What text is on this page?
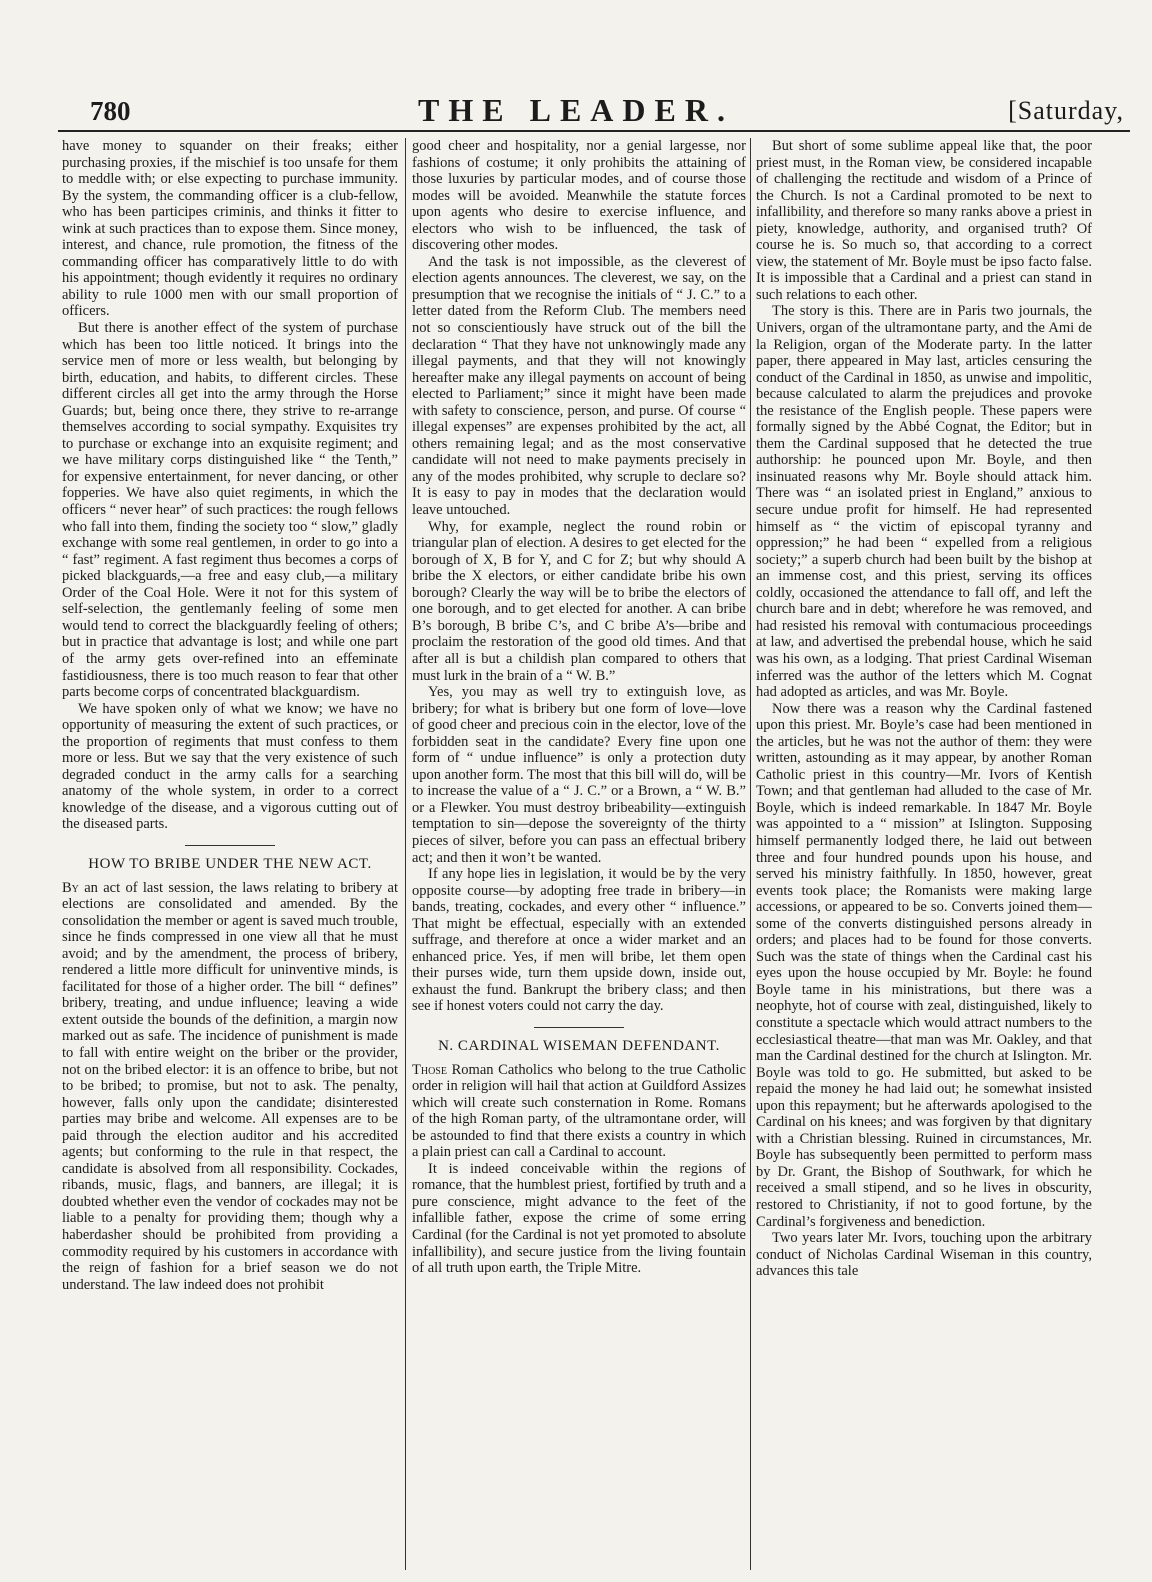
780	THE LEADER.	[Saturday,

have money to squander on their freaks; either purchasing proxies, if the mischief is too unsafe for them to meddle with; or else expecting to purchase immunity. By the system, the commanding officer is a club-fellow, who has been participes criminis, and thinks it fitter to wink at such practices than to expose them. Since money, interest, and chance, rule promotion, the fitness of the commanding officer has comparatively little to do with his appointment; though evidently it requires no ordinary ability to rule 1000 men with our small proportion of officers.

But there is another effect of the system of purchase which has been too little noticed. It brings into the service men of more or less wealth, but belonging by birth, education, and habits, to different circles. These different circles all get into the army through the Horse Guards; but, being once there, they strive to re-arrange themselves according to social sympathy. Exquisites try to purchase or exchange into an exquisite regiment; and we have military corps distinguished like “ the Tenth,” for expensive entertainment, for never dancing, or other fopperies. We have also quiet regiments, in which the officers “ never hear” of such practices: the rough fellows who fall into them, finding the society too “ slow,” gladly exchange with some real gentlemen, in order to go into a “ fast” regiment. A fast regiment thus becomes a corps of picked blackguards,—a free and easy club,—a military Order of the Coal Hole. Were it not for this system of self-selection, the gentlemanly feeling of some men would tend to correct the blackguardly feeling of others; but in practice that advantage is lost; and while one part of the army gets over-refined into an effeminate fastidiousness, there is too much reason to fear that other parts become corps of concentrated blackguardism.

We have spoken only of what we know; we have no opportunity of measuring the extent of such practices, or the proportion of regiments that must confess to them more or less. But we say that the very existence of such degraded conduct in the army calls for a searching anatomy of the whole system, in order to a correct knowledge of the disease, and a vigorous cutting out of the diseased parts.

HOW TO BRIBE UNDER THE NEW ACT.

By an act of last session, the laws relating to bribery at elections are consolidated and amended. By the consolidation the member or agent is saved much trouble, since he finds compressed in one view all that he must avoid; and by the amendment, the process of bribery, rendered a little more difficult for uninventive minds, is facilitated for those of a higher order. The bill “ defines” bribery, treating, and undue influence; leaving a wide extent outside the bounds of the definition, a margin now marked out as safe. The incidence of punishment is made to fall with entire weight on the briber or the provider, not on the bribed elector: it is an offence to bribe, but not to be bribed; to promise, but not to ask. The penalty, however, falls only upon the candidate; disinterested parties may bribe and welcome. All expenses are to be paid through the election auditor and his accredited agents; but conforming to the rule in that respect, the candidate is absolved from all responsibility. Cockades, ribands, music, flags, and banners, are illegal; it is doubted whether even the vendor of cockades may not be liable to a penalty for providing them; though why a haberdasher should be prohibited from providing a commodity required by his customers in accordance with the reign of fashion for a brief season we do not understand. The law indeed does not prohibit

good cheer and hospitality, nor a genial largesse, nor fashions of costume; it only prohibits the attaining of those luxuries by particular modes, and of course those modes will be avoided. Meanwhile the statute forces upon agents who desire to exercise influence, and electors who wish to be influenced, the task of discovering other modes.

And the task is not impossible, as the cleverest of election agents announces. The cleverest, we say, on the presumption that we recognise the initials of “ J. C.” to a letter dated from the Reform Club. The members need not so conscientiously have struck out of the bill the declaration “ That they have not unknowingly made any illegal payments, and that they will not knowingly hereafter make any illegal payments on account of being elected to Parliament;” since it might have been made with safety to conscience, person, and purse. Of course “ illegal expenses” are expenses prohibited by the act, all others remaining legal; and as the most conservative candidate will not need to make payments precisely in any of the modes prohibited, why scruple to declare so? It is easy to pay in modes that the declaration would leave untouched.

Why, for example, neglect the round robin or triangular plan of election. A desires to get elected for the borough of X, B for Y, and C for Z; but why should A bribe the X electors, or either candidate bribe his own borough? Clearly the way will be to bribe the electors of one borough, and to get elected for another. A can bribe B’s borough, B bribe C’s, and C bribe A’s—bribe and proclaim the restoration of the good old times. And that after all is but a childish plan compared to others that must lurk in the brain of a “ W. B.”

Yes, you may as well try to extinguish love, as bribery; for what is bribery but one form of love—love of good cheer and precious coin in the elector, love of the forbidden seat in the candidate? Every fine upon one form of “ undue influence” is only a protection duty upon another form. The most that this bill will do, will be to increase the value of a “ J. C.” or a Brown, a “ W. B.” or a Flewker. You must destroy bribeability—extinguish temptation to sin—depose the sovereignty of the thirty pieces of silver, before you can pass an effectual bribery act; and then it won’t be wanted.

If any hope lies in legislation, it would be by the very opposite course—by adopting free trade in bribery—in bands, treating, cockades, and every other “ influence.” That might be effectual, especially with an extended suffrage, and therefore at once a wider market and an enhanced price. Yes, if men will bribe, let them open their purses wide, turn them upside down, inside out, exhaust the fund. Bankrupt the bribery class; and then see if honest voters could not carry the day.

N. CARDINAL WISEMAN DEFENDANT.

Those Roman Catholics who belong to the true Catholic order in religion will hail that action at Guildford Assizes which will create such consternation in Rome. Romans of the high Roman party, of the ultramontane order, will be astounded to find that there exists a country in which a plain priest can call a Cardinal to account.

It is indeed conceivable within the regions of romance, that the humblest priest, fortified by truth and a pure conscience, might advance to the feet of the infallible father, expose the crime of some erring Cardinal (for the Cardinal is not yet promoted to absolute infallibility), and secure justice from the living fountain of all truth upon earth, the Triple Mitre.

But short of some sublime appeal like that, the poor priest must, in the Roman view, be considered incapable of challenging the rectitude and wisdom of a Prince of the Church. Is not a Cardinal promoted to be next to infallibility, and therefore so many ranks above a priest in piety, knowledge, authority, and organised truth? Of course he is. So much so, that according to a correct view, the statement of Mr. Boyle must be ipso facto false. It is impossible that a Cardinal and a priest can stand in such relations to each other.

The story is this. There are in Paris two journals, the Univers, organ of the ultramontane party, and the Ami de la Religion, organ of the Moderate party. In the latter paper, there appeared in May last, articles censuring the conduct of the Cardinal in 1850, as unwise and impolitic, because calculated to alarm the prejudices and provoke the resistance of the English people. These papers were formally signed by the Abbé Cognat, the Editor; but in them the Cardinal supposed that he detected the true authorship: he pounced upon Mr. Boyle, and then insinuated reasons why Mr. Boyle should attack him. There was “ an isolated priest in England,” anxious to secure undue profit for himself. He had represented himself as “ the victim of episcopal tyranny and oppression;” he had been “ expelled from a religious society;” a superb church had been built by the bishop at an immense cost, and this priest, serving its offices coldly, occasioned the attendance to fall off, and left the church bare and in debt; wherefore he was removed, and had resisted his removal with contumacious proceedings at law, and advertised the prebendal house, which he said was his own, as a lodging. That priest Cardinal Wiseman inferred was the author of the letters which M. Cognat had adopted as articles, and was Mr. Boyle.

Now there was a reason why the Cardinal fastened upon this priest. Mr. Boyle’s case had been mentioned in the articles, but he was not the author of them: they were written, astounding as it may appear, by another Roman Catholic priest in this country—Mr. Ivors of Kentish Town; and that gentleman had alluded to the case of Mr. Boyle, which is indeed remarkable. In 1847 Mr. Boyle was appointed to a “ mission” at Islington. Supposing himself permanently lodged there, he laid out between three and four hundred pounds upon his house, and served his ministry faithfully. In 1850, however, great events took place; the Romanists were making large accessions, or appeared to be so. Converts joined them—some of the converts distinguished persons already in orders; and places had to be found for those converts. Such was the state of things when the Cardinal cast his eyes upon the house occupied by Mr. Boyle: he found Boyle tame in his ministrations, but there was a neophyte, hot of course with zeal, distinguished, likely to constitute a spectacle which would attract numbers to the ecclesiastical theatre—that man was Mr. Oakley, and that man the Cardinal destined for the church at Islington. Mr. Boyle was told to go. He submitted, but asked to be repaid the money he had laid out; he somewhat insisted upon this repayment; but he afterwards apologised to the Cardinal on his knees; and was forgiven by that dignitary with a Christian blessing. Ruined in circumstances, Mr. Boyle has subsequently been permitted to perform mass by Dr. Grant, the Bishop of Southwark, for which he received a small stipend, and so he lives in obscurity, restored to Christianity, if not to good fortune, by the Cardinal’s forgiveness and benediction.

Two years later Mr. Ivors, touching upon the arbitrary conduct of Nicholas Cardinal Wiseman in this country, advances this tale
